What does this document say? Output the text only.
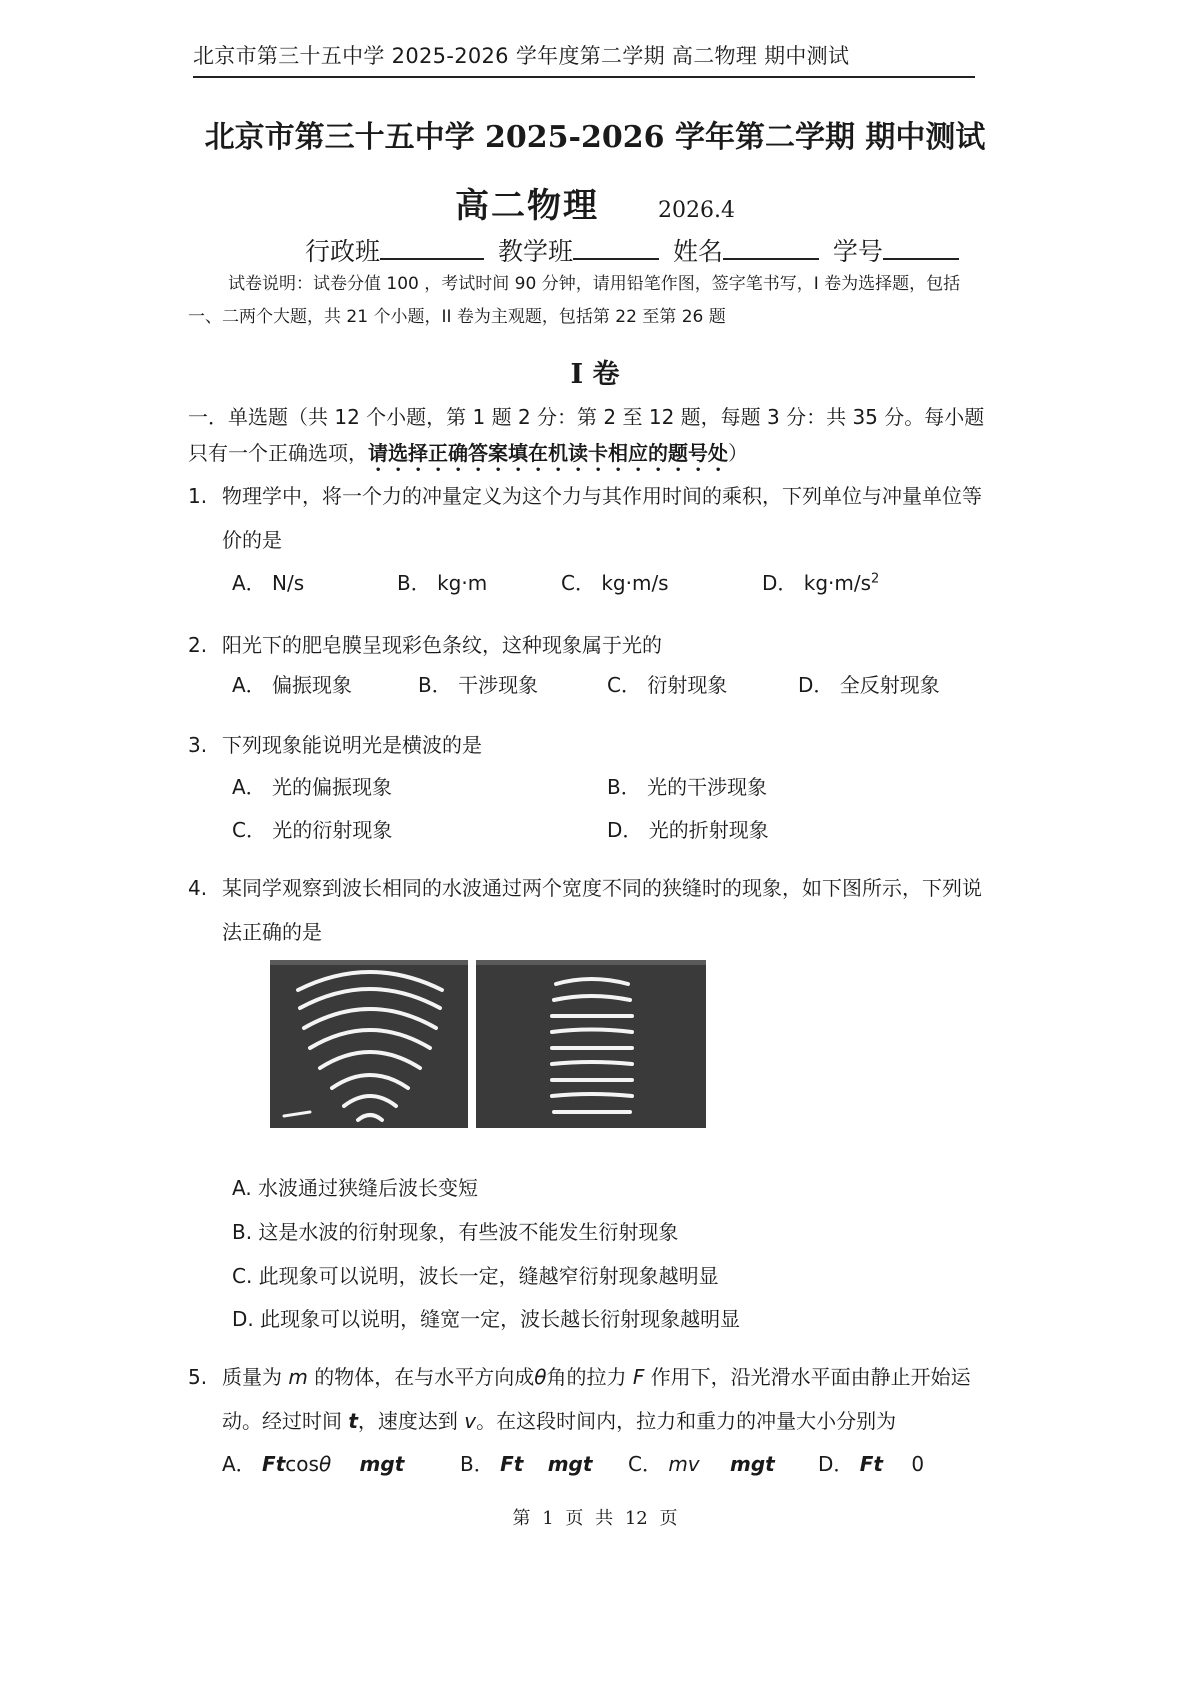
北京市第三十五中学 2025-2026 学年度第二学期 高二物理 期中测试
北京市第三十五中学 2025-2026 学年第二学期 期中测试
高二物理	2026.4
行政班	教学班	姓名	学号
试卷说明：试卷分值 100 ，考试时间 90 分钟，请用铅笔作图，签字笔书写，I 卷为选择题，包括一、二两个大题，共 21 个小题，II 卷为主观题，包括第 22 至第 26 题
I 卷
一．单选题（共 12 个小题，第 1 题 2 分：第 2 至 12 题，每题 3 分：共 35 分。每小题只有一个正确选项，请选择正确答案填在机读卡相应的题号处）
1. 物理学中，将一个力的冲量定义为这个力与其作用时间的乘积，下列单位与冲量单位等价的是
A． N/s	B． kg·m	C． kg·m/s	D． $kg\cdot m/s^2$
2. 阳光下的肥皂膜呈现彩色条纹，这种现象属于光的
A． 偏振现象	B． 干涉现象	C． 衍射现象	D． 全反射现象
3. 下列现象能说明光是横波的是
A． 光的偏振现象	B． 光的干涉现象
C． 光的衍射现象	D． 光的折射现象
4. 某同学观察到波长相同的水波通过两个宽度不同的狭缝时的现象，如下图所示，下列说法正确的是
A. 水波通过狭缝后波长变短
B. 这是水波的衍射现象，有些波不能发生衍射现象
C. 此现象可以说明，波长一定，缝越窄衍射现象越明显
D. 此现象可以说明，缝宽一定，波长越长衍射现象越明显
5. 质量为 m 的物体，在与水平方向成θ角的拉力 F 作用下，沿光滑水平面由静止开始运动。经过时间 t，速度达到 v。在这段时间内，拉力和重力的冲量大小分别为
A． Ftcosθ mgt	B． Ft mgt C． mv mgt D． Ft 0
第 1 页 共 12 页
